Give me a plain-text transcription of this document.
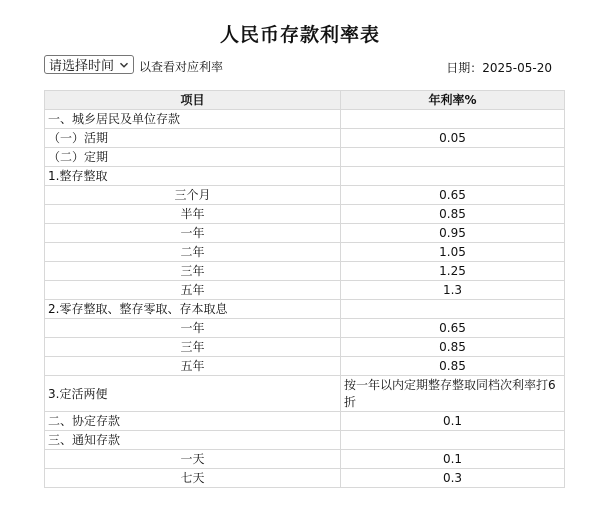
人民币存款利率表
请选择时间 以查看对应利率	日期：2025-05-20
项目	年利率%
一、城乡居民及单位存款	
（一）活期	0.05
（二）定期	
1.整存整取	
三个月	0.65
半年	0.85
一年	0.95
二年	1.05
三年	1.25
五年	1.3
2.零存整取、整存零取、存本取息	
一年	0.65
三年	0.85
五年	0.85
3.定活两便	按一年以内定期整存整取同档次利率打6折
二、协定存款	0.1
三、通知存款	
一天	0.1
七天	0.3
